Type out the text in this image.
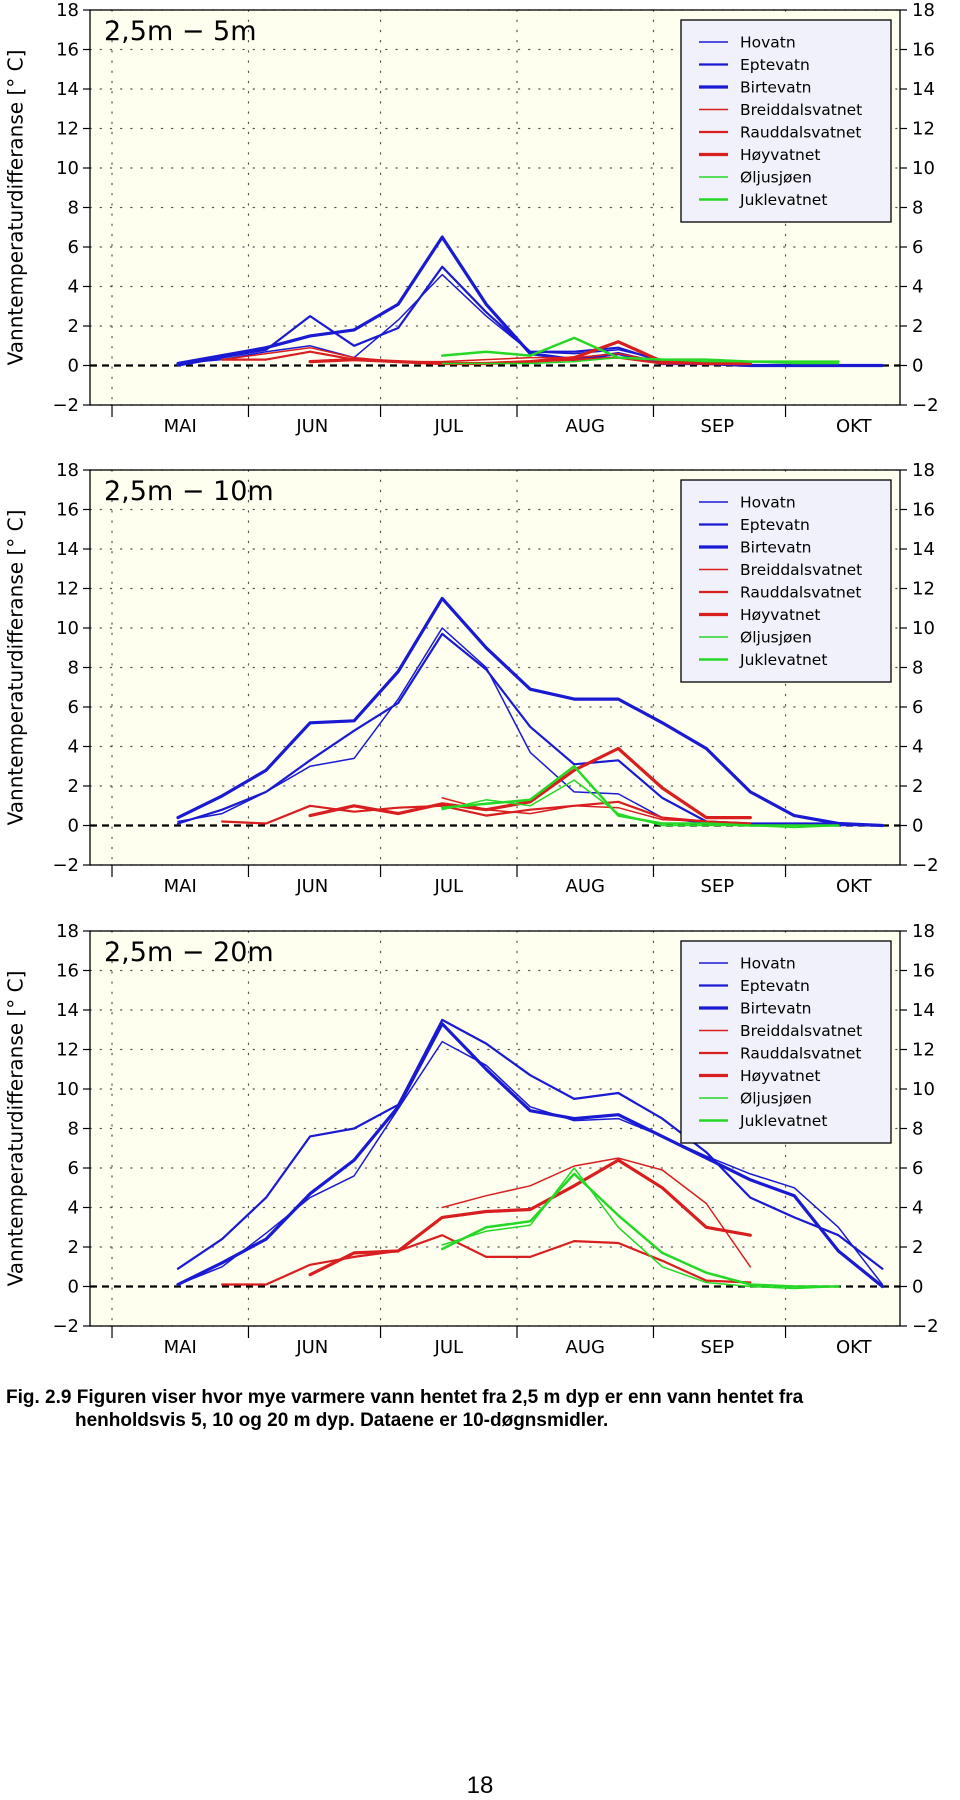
−2	−2
0	0
2	2
4	4
6	6
8	8
10	10
12	12
14	14
16	16
18	18
MAI	JUN	JUL	AUG	SEP	OKT
2,5m − 5m
Vanntemperaturdifferanse [° C]
Hovatn
Eptevatn
Birtevatn
Breiddalsvatnet
Rauddalsvatnet
Høyvatnet
Øljusjøen
Juklevatnet
−2	−2
0	0
2	2
4	4
6	6
8	8
10	10
12	12
14	14
16	16
18	18
MAI	JUN	JUL	AUG	SEP	OKT
2,5m − 10m
Vanntemperaturdifferanse [° C]
Hovatn
Eptevatn
Birtevatn
Breiddalsvatnet
Rauddalsvatnet
Høyvatnet
Øljusjøen
Juklevatnet
−2	−2
0	0
2	2
4	4
6	6
8	8
10	10
12	12
14	14
16	16
18	18
MAI	JUN	JUL	AUG	SEP	OKT
2,5m − 20m
Vanntemperaturdifferanse [° C]
Hovatn
Eptevatn
Birtevatn
Breiddalsvatnet
Rauddalsvatnet
Høyvatnet
Øljusjøen
Juklevatnet
Fig. 2.9 Figuren viser hvor mye varmere vann hentet fra 2,5 m dyp er enn vann hentet fra
henholdsvis 5, 10 og 20 m dyp. Dataene er 10-døgnsmidler.
18
